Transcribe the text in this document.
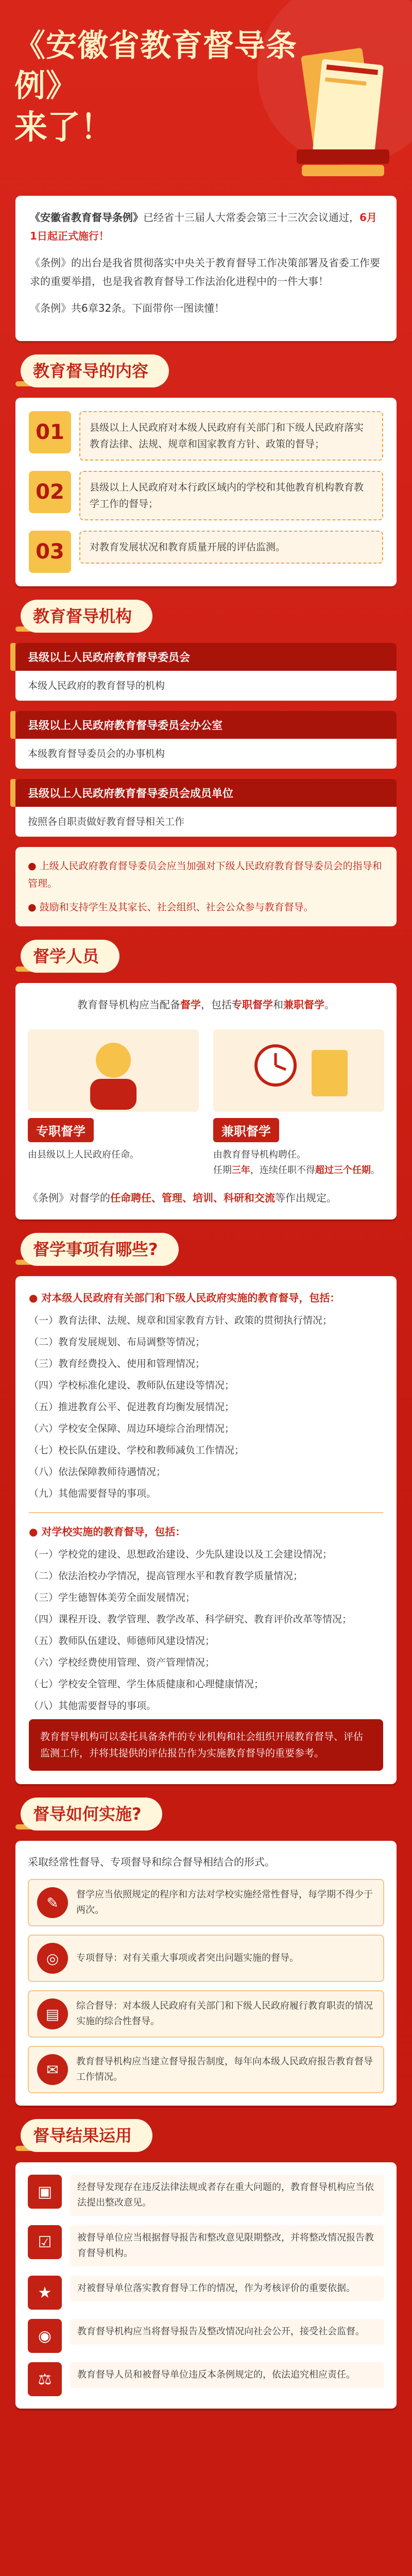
《安徽省教育督导条例》
来了！

《安徽省教育督导条例》已经省十三届人大常委会第三十三次会议通过，6月1日起正式施行！

《条例》的出台是我省贯彻落实中央关于教育督导工作决策部署及省委工作要求的重要举措，也是我省教育督导工作法治化进程中的一件大事！

《条例》共6章32条。下面带你一图读懂！

教育督导的内容
01	县级以上人民政府对本级人民政府有关部门和下级人民政府落实教育法律、法规、规章和国家教育方针、政策的督导；
02	县级以上人民政府对本行政区域内的学校和其他教育机构教育教学工作的督导；
03	对教育发展状况和教育质量开展的评估监测。
教育督导机构
县级以上人民政府教育督导委员会
本级人民政府的教育督导的机构
县级以上人民政府教育督导委员会办公室
本级教育督导委员会的办事机构
县级以上人民政府教育督导委员会成员单位
按照各自职责做好教育督导相关工作

● 上级人民政府教育督导委员会应当加强对下级人民政府教育督导委员会的指导和管理。

● 鼓励和支持学生及其家长、社会组织、社会公众参与教育督导。

督学人员
教育督导机构应当配备督学，包括专职督学和兼职督学。
专职督学
由县级以上人民政府任命。
兼职督学
由教育督导机构聘任。
任期三年，连续任职不得超过三个任期。
《条例》对督学的任命聘任、管理、培训、科研和交流等作出规定。
督学事项有哪些?
● 对本级人民政府有关部门和下级人民政府实施的教育督导，包括：

（一）教育法律、法规、规章和国家教育方针、政策的贯彻执行情况；

（二）教育发展规划、布局调整等情况；

（三）教育经费投入、使用和管理情况；

（四）学校标准化建设、教师队伍建设等情况；

（五）推进教育公平、促进教育均衡发展情况；

（六）学校安全保障、周边环境综合治理情况；

（七）校长队伍建设、学校和教师减负工作情况；

（八）依法保障教师待遇情况；

（九）其他需要督导的事项。

● 对学校实施的教育督导，包括：

（一）学校党的建设、思想政治建设、少先队建设以及工会建设情况；

（二）依法治校办学情况，提高管理水平和教育教学质量情况；

（三）学生德智体美劳全面发展情况；

（四）课程开设、教学管理、教学改革、科学研究、教育评价改革等情况；

（五）教师队伍建设、师德师风建设情况；

（六）学校经费使用管理、资产管理情况；

（七）学校安全管理、学生体质健康和心理健康情况；

（八）其他需要督导的事项。

教育督导机构可以委托具备条件的专业机构和社会组织开展教育督导、评估监测工作，并将其提供的评估报告作为实施教育督导的重要参考。
督导如何实施?

采取经常性督导、专项督导和综合督导相结合的形式。

✎	督学应当依照规定的程序和方法对学校实施经常性督导，每学期不得少于两次。
◎	专项督导：对有关重大事项或者突出问题实施的督导。
▤	综合督导：对本级人民政府有关部门和下级人民政府履行教育职责的情况实施的综合性督导。
✉	教育督导机构应当建立督导报告制度，每年向本级人民政府报告教育督导工作情况。
督导结果运用
▣	经督导发现存在违反法律法规或者存在重大问题的，教育督导机构应当依法提出整改意见。
☑	被督导单位应当根据督导报告和整改意见限期整改，并将整改情况报告教育督导机构。
★	对被督导单位落实教育督导工作的情况，作为考核评价的重要依据。
◉	教育督导机构应当将督导报告及整改情况向社会公开，接受社会监督。
⚖	教育督导人员和被督导单位违反本条例规定的，依法追究相应责任。
